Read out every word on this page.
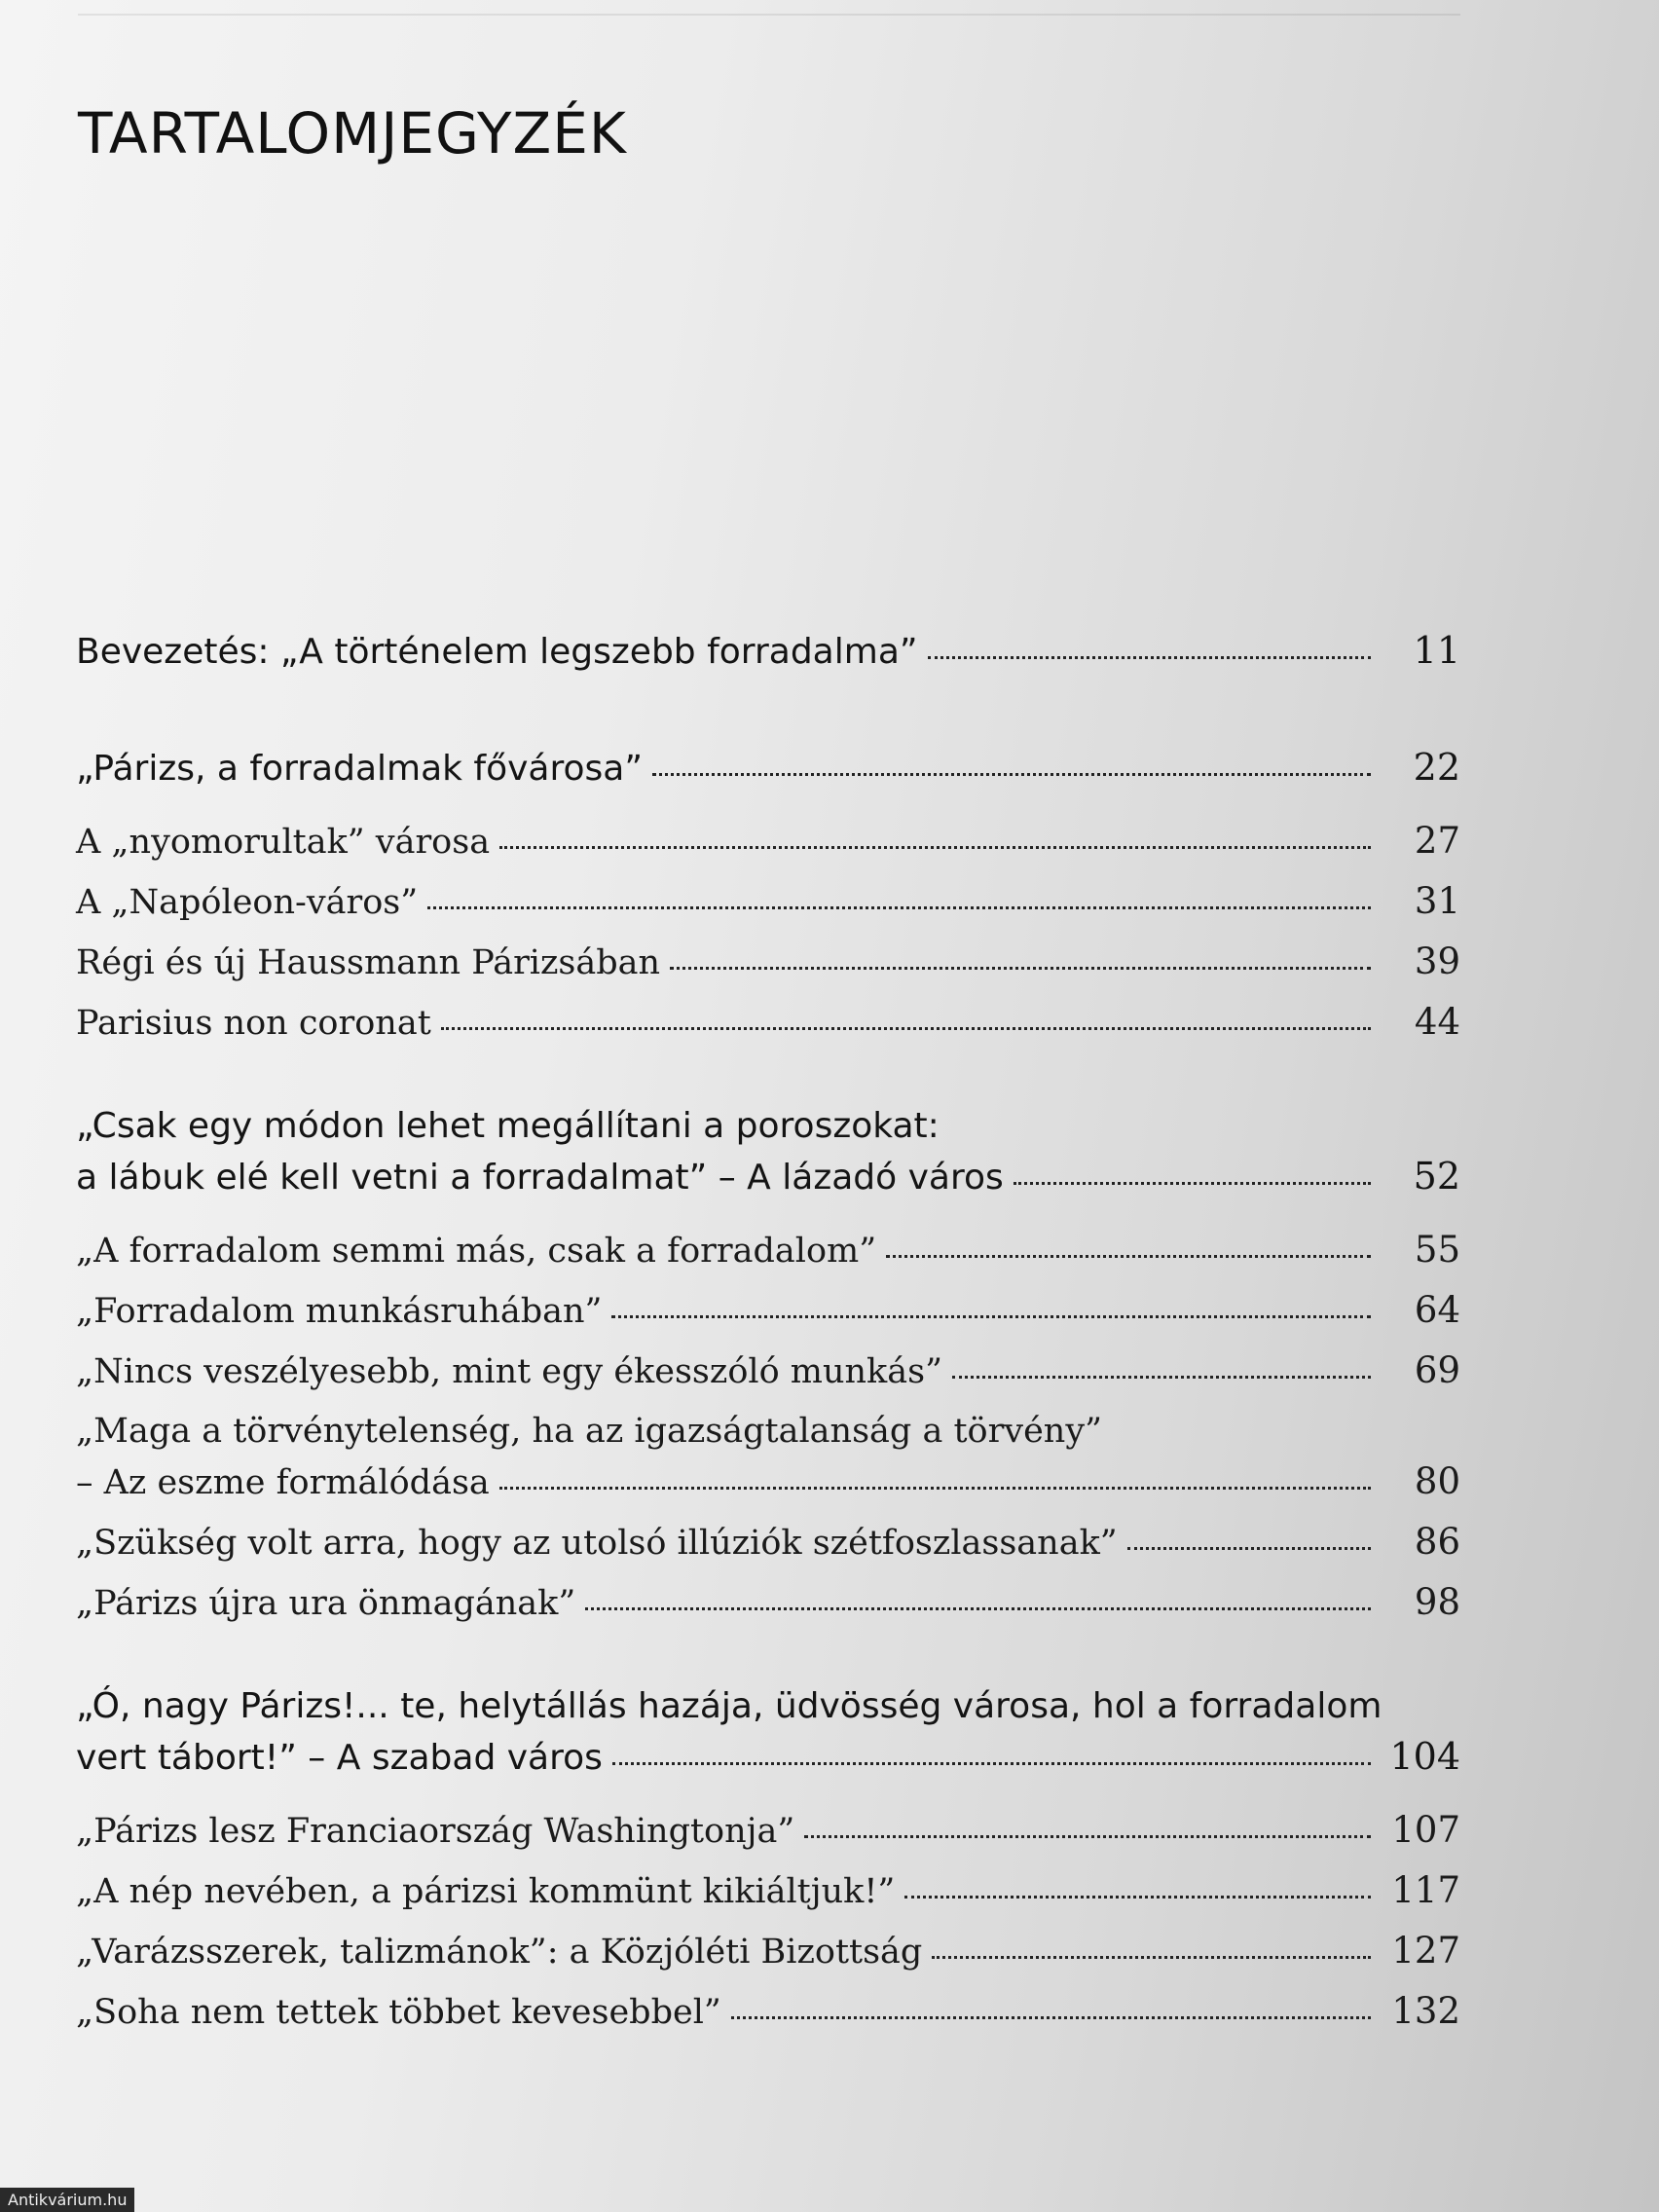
TARTALOMJEGYZÉK
Bevezetés: „A történelem legszebb forradalma”	11
„Párizs, a forradalmak fővárosa”	22
A „nyomorultak” városa	27
A „Napóleon-város”	31
Régi és új Haussmann Párizsában	39
Parisius non coronat	44
„Csak egy módon lehet megállítani a poroszokat:
a lábuk elé kell vetni a forradalmat” – A lázadó város	52
„A forradalom semmi más, csak a forradalom”	55
„Forradalom munkásruhában”	64
„Nincs veszélyesebb, mint egy ékesszóló munkás”	69
„Maga a törvénytelenség, ha az igazságtalanság a törvény”
– Az eszme formálódása	80
„Szükség volt arra, hogy az utolsó illúziók szétfoszlassanak”	86
„Párizs újra ura önmagának”	98
„Ó, nagy Párizs!... te, helytállás hazája, üdvösség városa, hol a forradalom
vert tábort!” – A szabad város	104
„Párizs lesz Franciaország Washingtonja”	107
„A nép nevében, a párizsi kommünt kikiáltjuk!”	117
„Varázsszerek, talizmánok”: a Közjóléti Bizottság	127
„Soha nem tettek többet kevesebbel”	132
Antikvárium.hu
